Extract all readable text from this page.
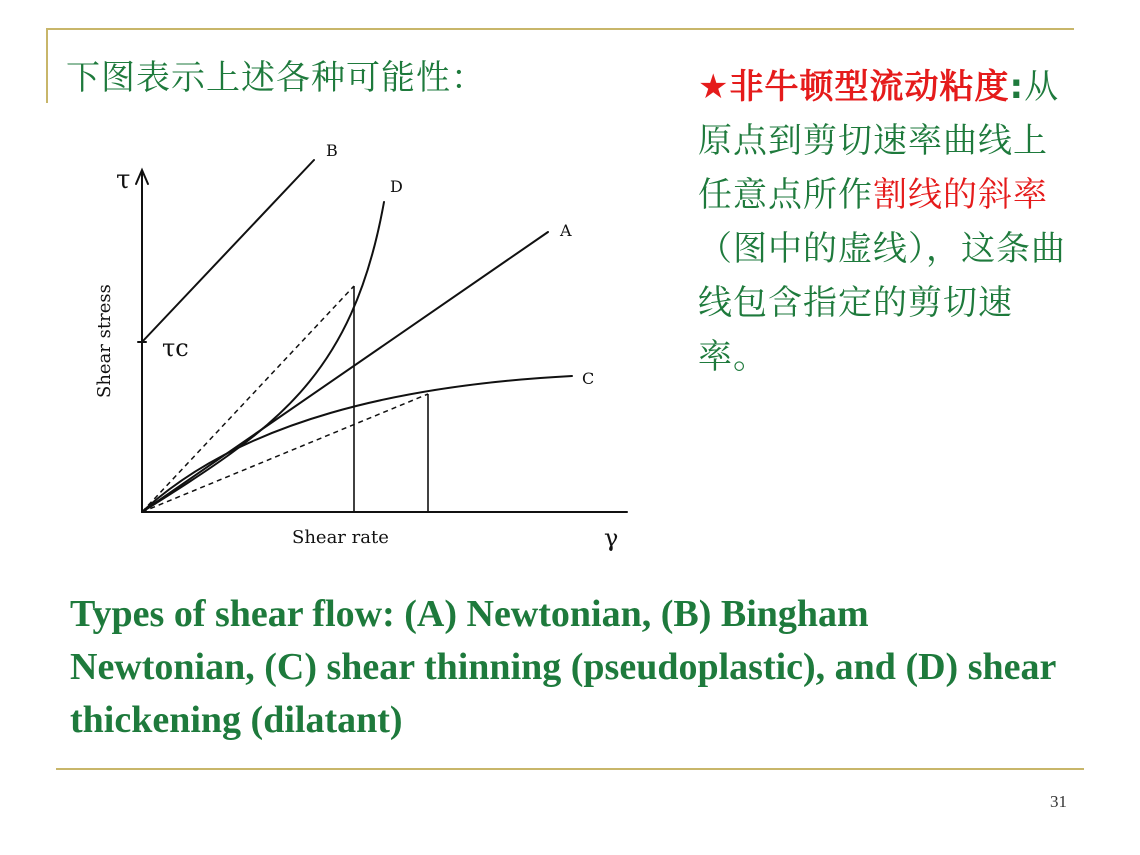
下图表示上述各种可能性：	★非牛顿型流动粘度:从原点到剪切速率曲线上任意点所作割线的斜率（图中的虚线），这条曲线包含指定的剪切速率。
τ
τc
B
D
A
C
Shear rate	γ
Shear stress

Types of shear flow: (A) Newtonian, (B) Bingham Newtonian, (C) shear thinning (pseudoplastic), and (D) shear thickening (dilatant)

31
